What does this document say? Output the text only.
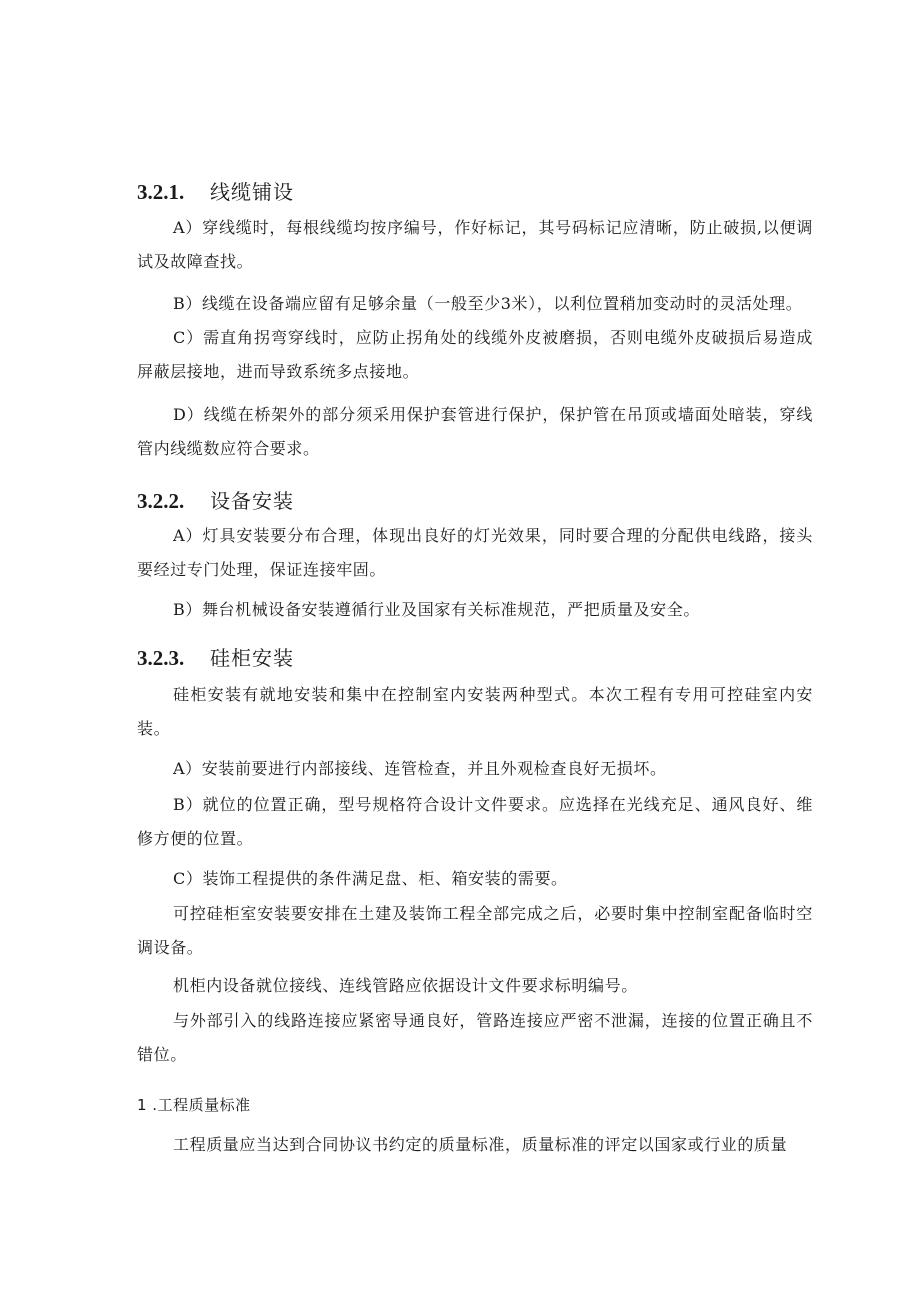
3.2.1. 线缆铺设
A）穿线缆时，每根线缆均按序编号，作好标记，其号码标记应清晰，防止破损,以便调试及故障查找。
B）线缆在设备端应留有足够余量（一般至少3米），以利位置稍加变动时的灵活处理。
C）需直角拐弯穿线时，应防止拐角处的线缆外皮被磨损，否则电缆外皮破损后易造成屏蔽层接地，进而导致系统多点接地。
D）线缆在桥架外的部分须采用保护套管进行保护，保护管在吊顶或墙面处暗装，穿线管内线缆数应符合要求。
3.2.2. 设备安装
A）灯具安装要分布合理，体现出良好的灯光效果，同时要合理的分配供电线路，接头要经过专门处理，保证连接牢固。
B）舞台机械设备安装遵循行业及国家有关标准规范，严把质量及安全。
3.2.3. 硅柜安装
硅柜安装有就地安装和集中在控制室内安装两种型式。本次工程有专用可控硅室内安装。
A）安装前要进行内部接线、连管检查，并且外观检查良好无损坏。
B）就位的位置正确，型号规格符合设计文件要求。应选择在光线充足、通风良好、维修方便的位置。
C）装饰工程提供的条件满足盘、柜、箱安装的需要。
可控硅柜室安装要安排在土建及装饰工程全部完成之后，必要时集中控制室配备临时空调设备。
机柜内设备就位接线、连线管路应依据设计文件要求标明编号。
与外部引入的线路连接应紧密导通良好，管路连接应严密不泄漏，连接的位置正确且不错位。
1 .工程质量标准
工程质量应当达到合同协议书约定的质量标准，质量标准的评定以国家或行业的质量
